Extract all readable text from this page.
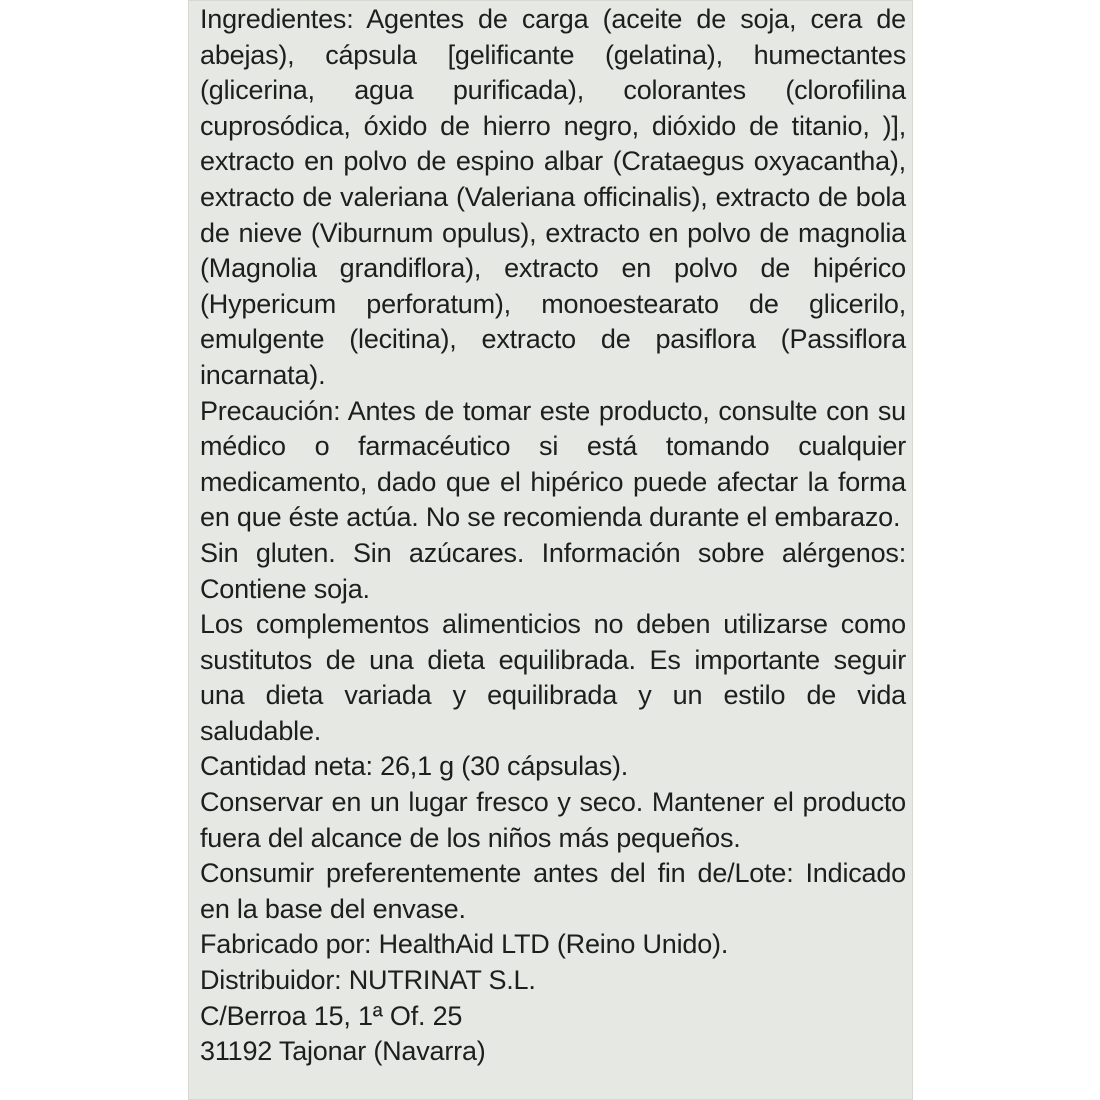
Ingredientes: Agentes de carga (aceite de soja, cera de abejas), cápsula [gelificante (gelatina), humectantes (glicerina, agua purificada), colorantes (clorofilina cuprosódica, óxido de hierro negro, dióxido de titanio, )], extracto en polvo de espino albar (Crataegus oxyacantha), extracto de valeriana (Valeriana officinalis), extracto de bola de nieve (Viburnum opulus), extracto en polvo de magnolia (Magnolia grandiflora), extracto en polvo de hipérico (Hypericum perforatum), monoestearato de glicerilo, emulgente (lecitina), extracto de pasiflora (Passiflora incarnata).

Precaución: Antes de tomar este producto, consulte con su médico o farmacéutico si está tomando cualquier medicamento, dado que el hipérico puede afectar la forma en que éste actúa. No se recomienda durante el embarazo.

Sin gluten. Sin azúcares. Información sobre alérgenos: Contiene soja.

Los complementos alimenticios no deben utilizarse como sustitutos de una dieta equilibrada. Es importante seguir una dieta variada y equilibrada y un estilo de vida saludable.

Cantidad neta: 26,1 g (30 cápsulas).

Conservar en un lugar fresco y seco. Mantener el producto fuera del alcance de los niños más pequeños.

Consumir preferentemente antes del fin de/Lote: Indicado en la base del envase.

Fabricado por: HealthAid LTD (Reino Unido).

Distribuidor: NUTRINAT S.L.

C/Berroa 15, 1ª Of. 25

31192 Tajonar (Navarra)
